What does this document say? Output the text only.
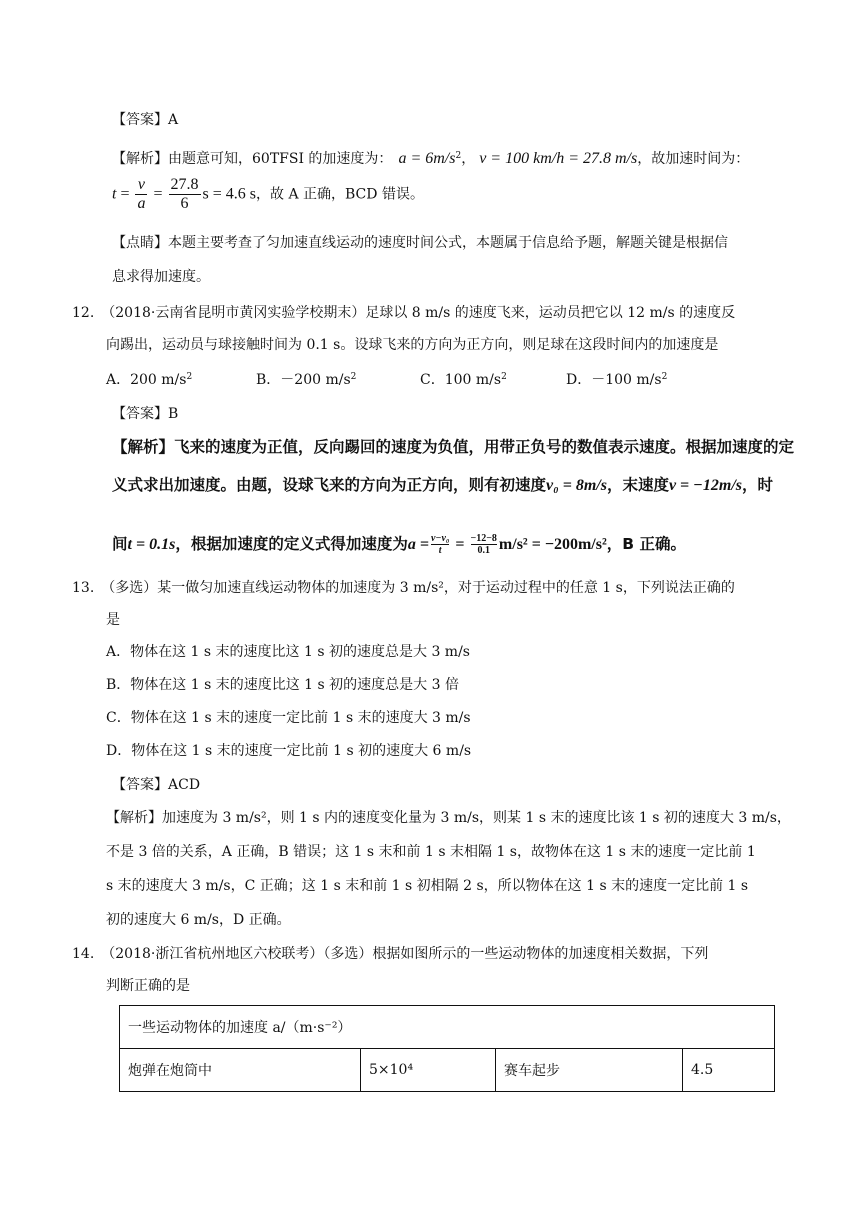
【答案】A
【解析】由题意可知，60TFSI 的加速度为： $a = 6m/s^2$， v = 100 km/h = 27.8 m/s，故加速时间为：
$t = \frac{v}{a} = \frac{27.8}{6}$ s = 4.6 s，故 A 正确，BCD 错误。
【点睛】本题主要考查了匀加速直线运动的速度时间公式，本题属于信息给予题，解题关键是根据信
息求得加速度。
12.　（2018·云南省昆明市黄冈实验学校期末）足球以 8 m/s 的速度飞来，运动员把它以 12 m/s 的速度反
向踢出，运动员与球接触时间为 0.1 s。设球飞来的方向为正方向，则足球在这段时间内的加速度是
A．200 $m/s^2$	B．－200 $m/s^2$	C．100 $m/s^2$	D．－100 $m/s^2$
【答案】B
【解析】飞来的速度为正值，反向踢回的速度为负值，用带正负号的数值表示速度。根据加速度的定
义式求出加速度。由题，设球飞来的方向为正方向，则有初速度v₀ = 8m/s，末速度v = −12m/s，时
间t = 0.1s，根据加速度的定义式得加速度为$a = \frac{\text{v−v₀}}{t} = \frac{-12-8}{0.1} m/s^2 = -200m/s^2$，B 正确。
13.　（多选）某一做匀加速直线运动物体的加速度为 3 m/s²，对于运动过程中的任意 1 s，下列说法正确的
是
A．物体在这 1 s 末的速度比这 1 s 初的速度总是大 3 m/s
B．物体在这 1 s 末的速度比这 1 s 初的速度总是大 3 倍
C．物体在这 1 s 末的速度一定比前 1 s 末的速度大 3 m/s
D．物体在这 1 s 末的速度一定比前 1 s 初的速度大 6 m/s
【答案】ACD
【解析】加速度为 3 m/s²，则 1 s 内的速度变化量为 3 m/s，则某 1 s 末的速度比该 1 s 初的速度大 3 m/s，
不是 3 倍的关系，A 正确，B 错误；这 1 s 末和前 1 s 末相隔 1 s，故物体在这 1 s 末的速度一定比前 1
s 末的速度大 3 m/s，C 正确；这 1 s 末和前 1 s 初相隔 2 s，所以物体在这 1 s 末的速度一定比前 1 s
初的速度大 6 m/s，D 正确。
14.　（2018·浙江省杭州地区六校联考）（多选）根据如图所示的一些运动物体的加速度相关数据，下列
判断正确的是
一些运动物体的加速度 a/（m·s⁻²）
炮弹在炮筒中	5×10⁴	赛车起步	4.5
